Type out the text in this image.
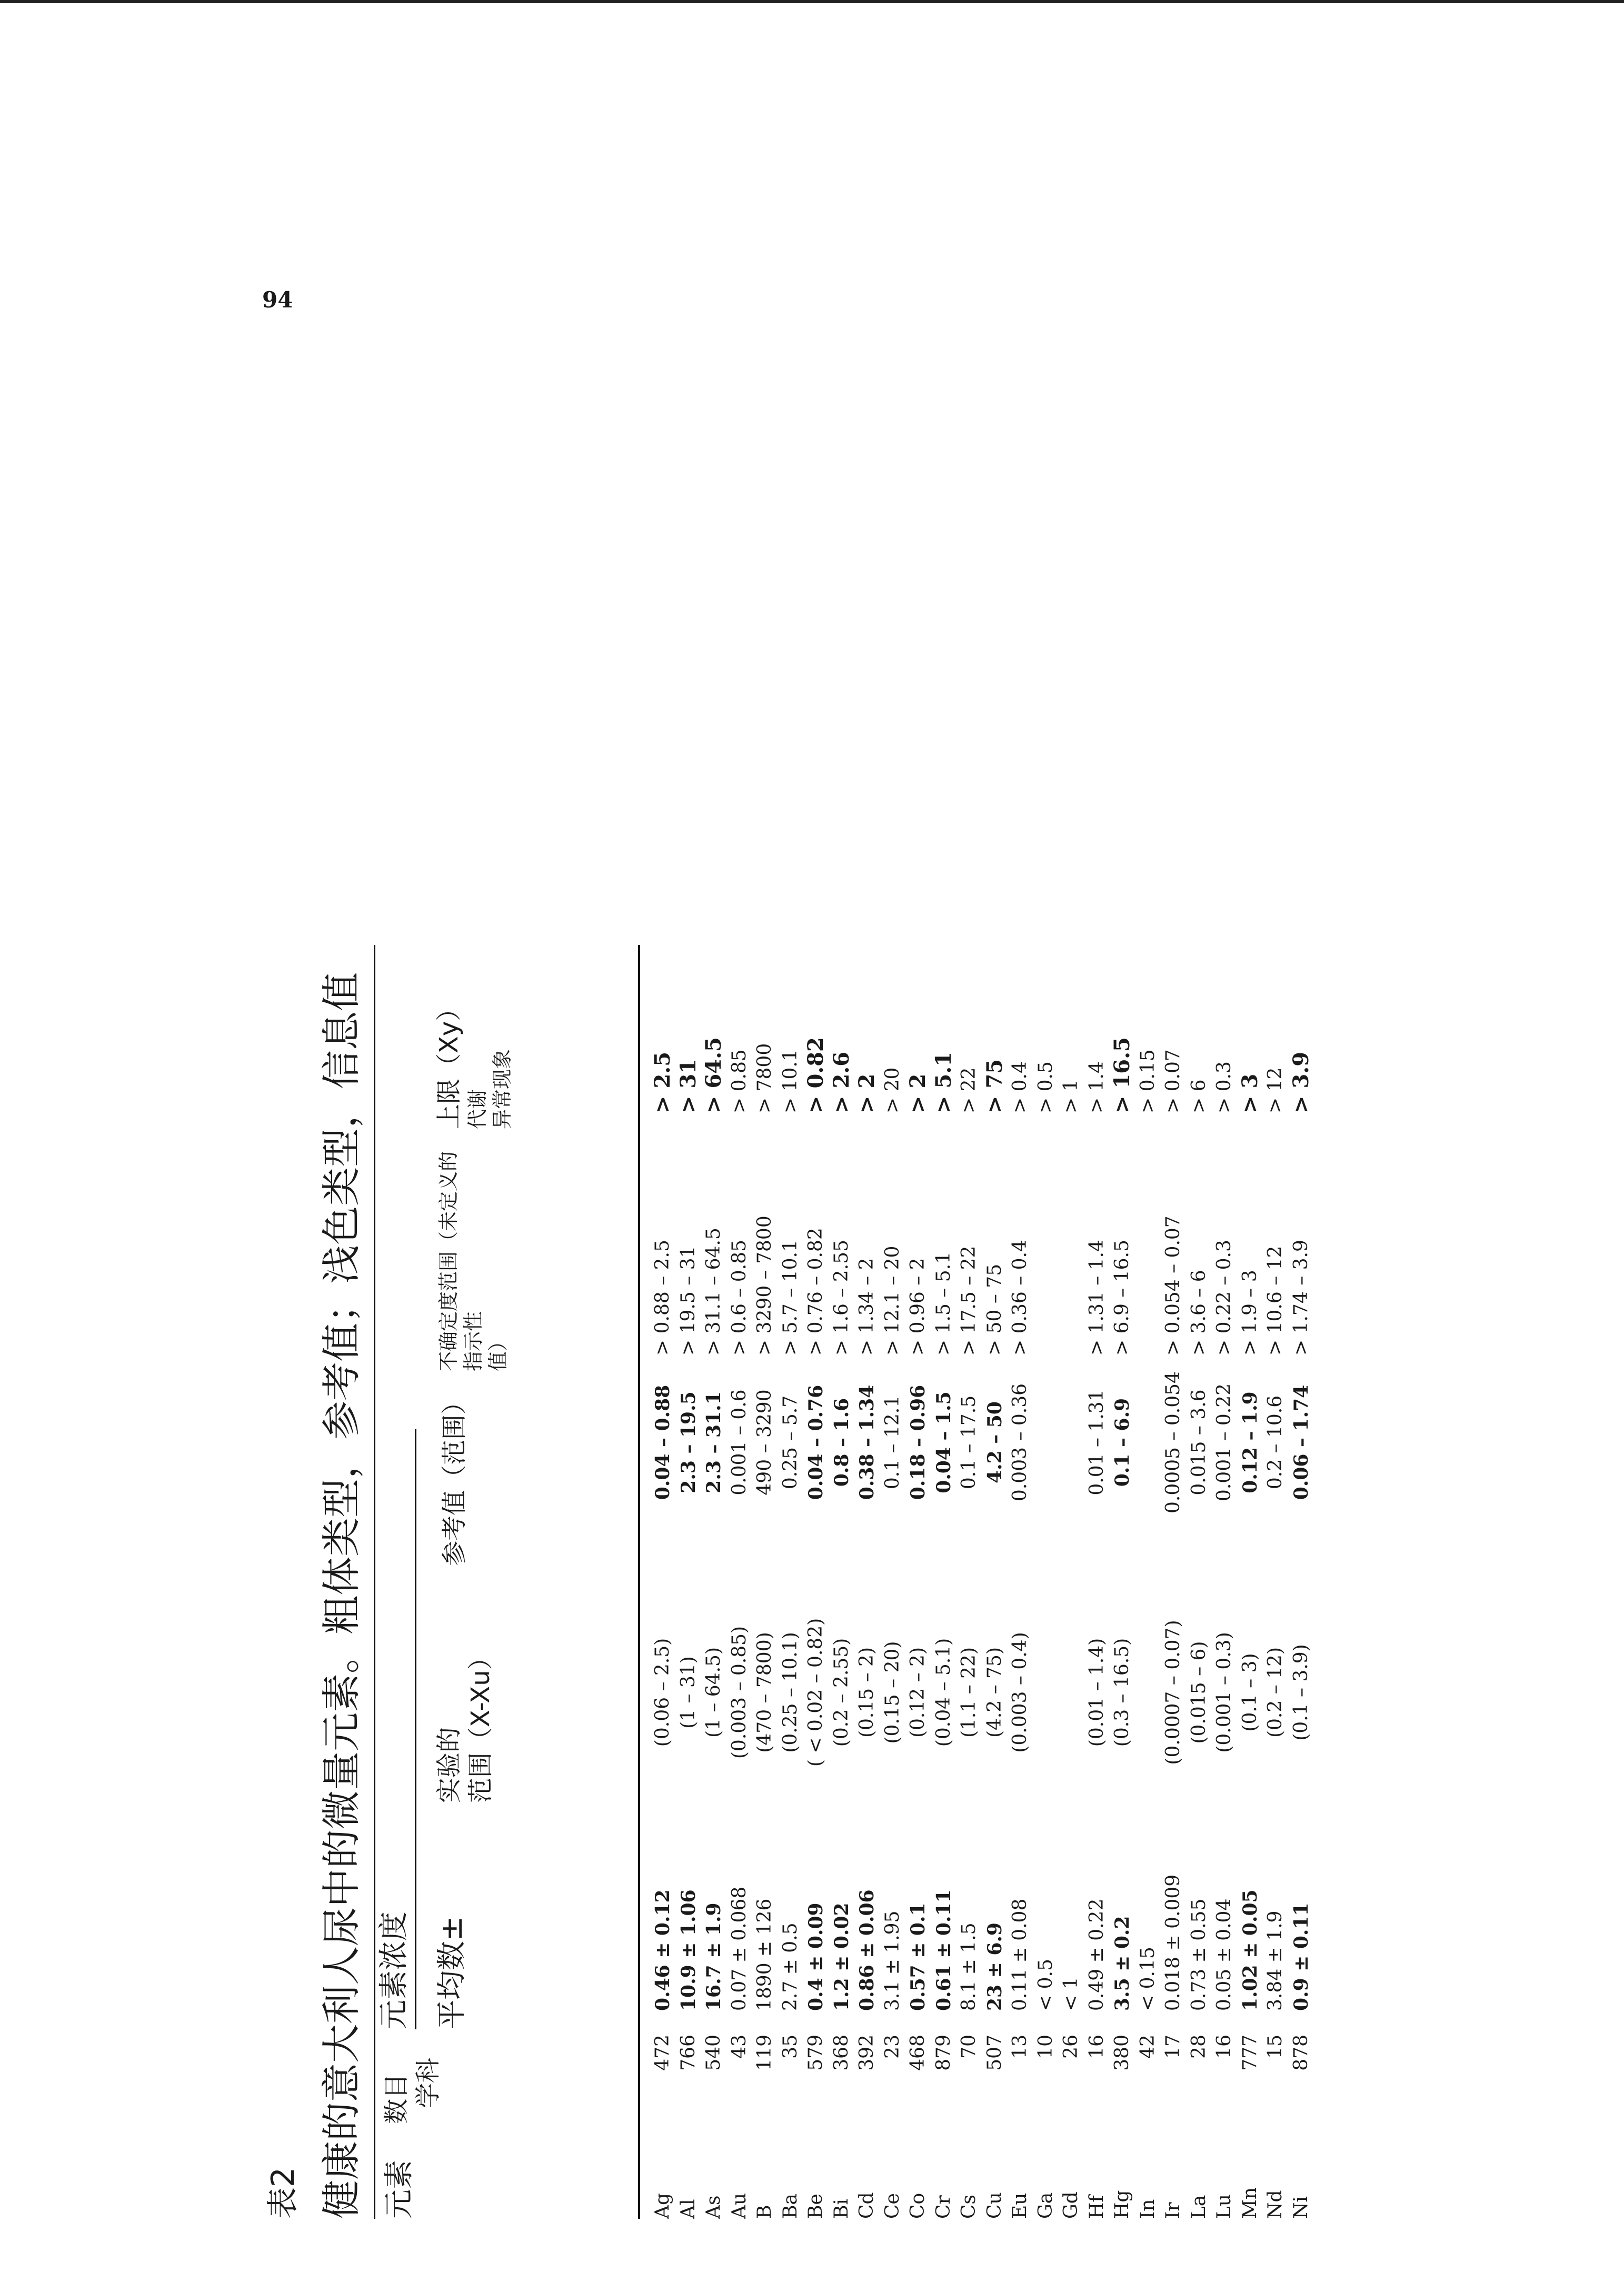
94
表2 健康的意大利人尿中的微量元素。粗体类型，参考值；浅色类型，信息值 元素
数目 学科
元素浓度 平均数±
实验的 范围（X-Xu）
参考值（范围）
不确定度范围（未定义的 指示性 值）
上限（Xy） 代谢 异常现象
Ag
472
0.46 ± 0.12
(0.06 – 2.5)
0.04 – 0.88
> 0.88 – 2.5
> 2.5
Al
766
10.9 ± 1.06
(1 – 31)
2.3 – 19.5
> 19.5 – 31
> 31
As
540
16.7 ± 1.9
(1 – 64.5)
2.3 – 31.1
> 31.1 – 64.5
> 64.5
Au
43
0.07 ± 0.068
(0.003 – 0.85)
0.001 – 0.6
> 0.6 – 0.85
> 0.85
B
119
1890 ± 126
(470 – 7800)
490 – 3290
> 3290 – 7800
> 7800
Ba
35
2.7 ± 0.5
(0.25 – 10.1)
0.25 – 5.7
> 5.7 – 10.1
> 10.1
Be
579
0.4 ± 0.09
( < 0.02 – 0.82)
0.04 – 0.76
> 0.76 – 0.82
> 0.82
Bi
368
1.2 ± 0.02
(0.2 – 2.55)
0.8 – 1.6
> 1.6 – 2.55
> 2.6
Cd
392
0.86 ± 0.06
(0.15 – 2)
0.38 – 1.34
> 1.34 – 2
> 2
Ce
23
3.1 ± 1.95
(0.15 – 20)
0.1 – 12.1
> 12.1 – 20
> 20
Co
468
0.57 ± 0.1
(0.12 – 2)
0.18 – 0.96
> 0.96 – 2
> 2
Cr
879
0.61 ± 0.11
(0.04 – 5.1)
0.04 – 1.5
> 1.5 – 5.1
> 5.1
Cs
70
8.1 ± 1.5
(1.1 – 22)
0.1 – 17.5
> 17.5 – 22
> 22
Cu
507
23 ± 6.9
(4.2 – 75)
4.2 – 50
> 50 – 75
> 75
Eu
13
0.11 ± 0.08
(0.003 – 0.4)
0.003 – 0.36
> 0.36 – 0.4
> 0.4
Ga
10
< 0.5
> 0.5
Gd
26
< 1
> 1
Hf
16
0.49 ± 0.22
(0.01 – 1.4)
0.01 – 1.31
> 1.31 – 1.4
> 1.4
Hg
380
3.5 ± 0.2
(0.3 – 16.5)
0.1 – 6.9
> 6.9 – 16.5
> 16.5
In
42
< 0.15
> 0.15
Ir
17
0.018 ± 0.009
(0.0007 – 0.07)
0.0005 – 0.054
> 0.054 – 0.07
> 0.07
La
28
0.73 ± 0.55
(0.015 – 6)
0.015 – 3.6
> 3.6 – 6
> 6
Lu
16
0.05 ± 0.04
(0.001 – 0.3)
0.001 – 0.22
> 0.22 – 0.3
> 0.3
Mn
777
1.02 ± 0.05
(0.1 – 3)
0.12 – 1.9
> 1.9 – 3
> 3
Nd
15
3.84 ± 1.9
(0.2 – 12)
0.2 – 10.6
> 10.6 – 12
> 12
Ni
878
0.9 ± 0.11
(0.1 – 3.9)
0.06 – 1.74
> 1.74 – 3.9
> 3.9
